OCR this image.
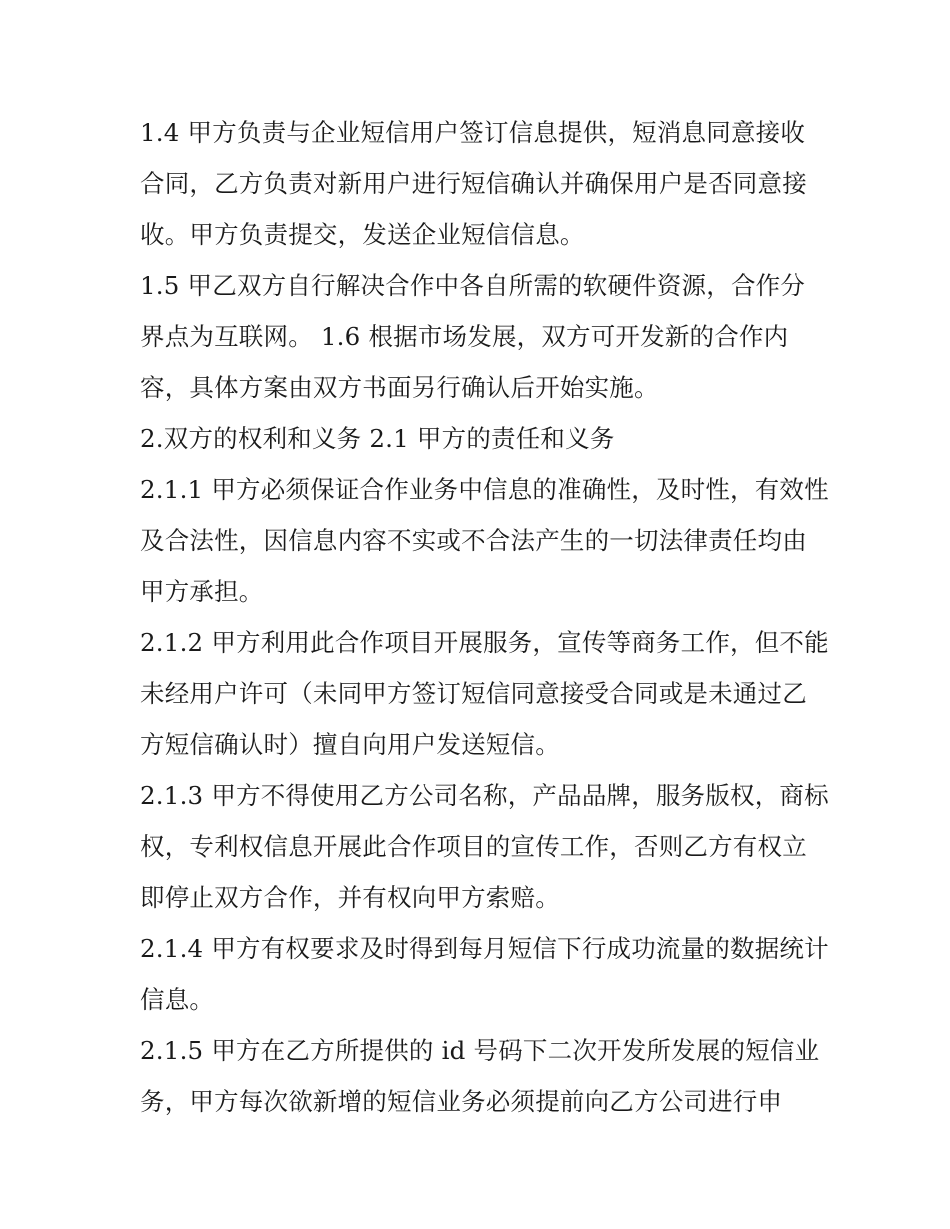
1.4 甲方负责与企业短信用户签订信息提供，短消息同意接收
合同，乙方负责对新用户进行短信确认并确保用户是否同意接
收。甲方负责提交，发送企业短信信息。
1.5 甲乙双方自行解决合作中各自所需的软硬件资源，合作分
界点为互联网。 1.6 根据市场发展，双方可开发新的合作内
容，具体方案由双方书面另行确认后开始实施。
2.双方的权利和义务 2.1 甲方的责任和义务
2.1.1 甲方必须保证合作业务中信息的准确性，及时性，有效性
及合法性，因信息内容不实或不合法产生的一切法律责任均由
甲方承担。
2.1.2 甲方利用此合作项目开展服务，宣传等商务工作，但不能
未经用户许可（未同甲方签订短信同意接受合同或是未通过乙
方短信确认时）擅自向用户发送短信。
2.1.3 甲方不得使用乙方公司名称，产品品牌，服务版权，商标
权，专利权信息开展此合作项目的宣传工作，否则乙方有权立
即停止双方合作，并有权向甲方索赔。
2.1.4 甲方有权要求及时得到每月短信下行成功流量的数据统计
信息。
2.1.5 甲方在乙方所提供的 id 号码下二次开发所发展的短信业
务，甲方每次欲新增的短信业务必须提前向乙方公司进行申
